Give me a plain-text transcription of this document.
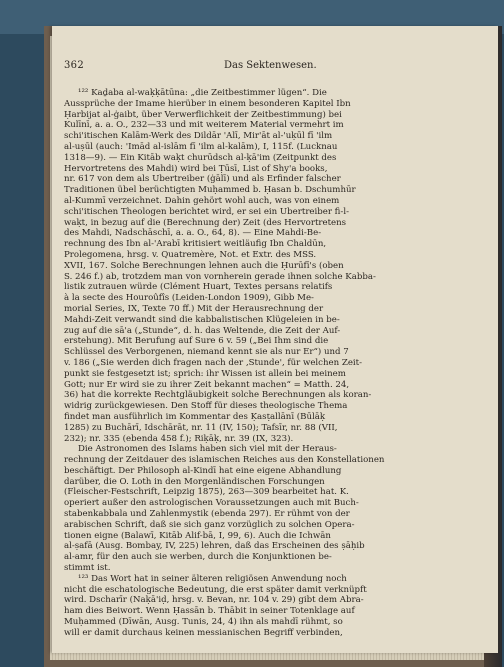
362	Das Sektenwesen.
¹²² Kaḏaba al-waḳḳātūna: „die Zeitbestimmer lügen“. Die
Aussprüche der Imame hierüber in einem besonderen Kapitel Ibn
Ḥarbijat al-ġaibt, über Verwerflichkeit der Zeitbestimmung) bei
Kulīnī, a. a. O., 232—33 und mit weiterem Material vermehrt im
schi'itischen Kalām-Werk des Dildār 'Alī, Mir'āt al-'uḳūl fī 'ilm
al-uṣūl (auch: 'Imād al-islām fī 'ilm al-kalām), I, 115f. (Lucknau
1318—9). — Ein Kitāb waḳt churūdsch al-ḳā'im (Zeitpunkt des
Hervortretens des Mahdi) wird bei Ṭūsī, List of Shy'a books,
nr. 617 von dem als Übertreiber (ġālī) und als Erfinder falscher
Traditionen übel berüchtigten Muḥammed b. Ḥasan b. Dschumhūr
al-Kummī verzeichnet. Dahin gehört wohl auch, was von einem
schi'itischen Theologen berichtet wird, er sei ein Übertreiber fi-l-
waḳt, in bezug auf die (Berechnung der) Zeit (des Hervortretens
des Mahdi, Nadschāschī, a. a. O., 64, 8). — Eine Mahdi-Be-
rechnung des Ibn al-'Arabī kritisiert weitläufig Ibn Chaldūn,
Prolegomena, hrsg. v. Quatremère, Not. et Extr. des MSS.
XVII, 167. Solche Berechnungen lehnen auch die Ḥurūfī's (oben
S. 246 f.) ab, trotzdem man von vornherein gerade ihnen solche Kabba-
listik zutrauen würde (Clément Huart, Textes persans relatifs
à la secte des Houroûfîs (Leiden-London 1909), Gibb Me-
morial Series, IX, Texte 70 ff.) Mit der Herausrechnung der
Mahdi-Zeit verwandt sind die kabbalistischen Klügeleien in be-
zug auf die sā'a („Stunde“, d. h. das Weltende, die Zeit der Auf-
erstehung). Mit Berufung auf Sure 6 v. 59 („Bei Ihm sind die
Schlüssel des Verborgenen, niemand kennt sie als nur Er“) und 7
v. 186 („Sie werden dich fragen nach der ‚Stunde', für welchen Zeit-
punkt sie festgesetzt ist; sprich: ihr Wissen ist allein bei meinem
Gott; nur Er wird sie zu ihrer Zeit bekannt machen“ = Matth. 24,
36) hat die korrekte Rechtgläubigkeit solche Berechnungen als koran-
widrig zurückgewiesen. Den Stoff für dieses theologische Thema
findet man ausführlich im Kommentar des Ḳasṭallānī (Būlāḳ
1285) zu Buchārī, Idschārāt, nr. 11 (IV, 150); Tafsīr, nr. 88 (VII,
232); nr. 335 (ebenda 458 f.); Riḳāḳ, nr. 39 (IX, 323).
Die Astronomen des Islams haben sich viel mit der Heraus-
rechnung der Zeitdauer des islamischen Reiches aus den Konstellationen
beschäftigt. Der Philosoph al-Kindī hat eine eigene Abhandlung
darüber, die O. Loth in den Morgenländischen Forschungen
(Fleischer-Festschrift, Leipzig 1875), 263—309 bearbeitet hat. K.
operiert außer den astrologischen Voraussetzungen auch mit Buch-
stabenkabbala und Zahlenmystik (ebenda 297). Er rühmt von der
arabischen Schrift, daß sie sich ganz vorzüglich zu solchen Opera-
tionen eigne (Balawī, Kitāb Alif-bā, I, 99, 6). Auch die Ichwān
al-ṣafā (Ausg. Bombay, IV, 225) lehren, daß das Erscheinen des ṣāḥib
al-amr, für den auch sie werben, durch die Konjunktionen be-
stimmt ist.
¹²³ Das Wort hat in seiner älteren religiösen Anwendung noch
nicht die eschatologische Bedeutung, die erst später damit verknüpft
wird. Dscharīr (Naḳā'iḍ, hrsg. v. Bevan, nr. 104 v. 29) gibt dem Abra-
ham dies Beiwort. Wenn Ḥassān b. Thābit in seiner Totenklage auf
Muḥammed (Dīwān, Ausg. Tunis, 24, 4) ihn als mahdī rühmt, so
will er damit durchaus keinen messianischen Begriff verbinden,
